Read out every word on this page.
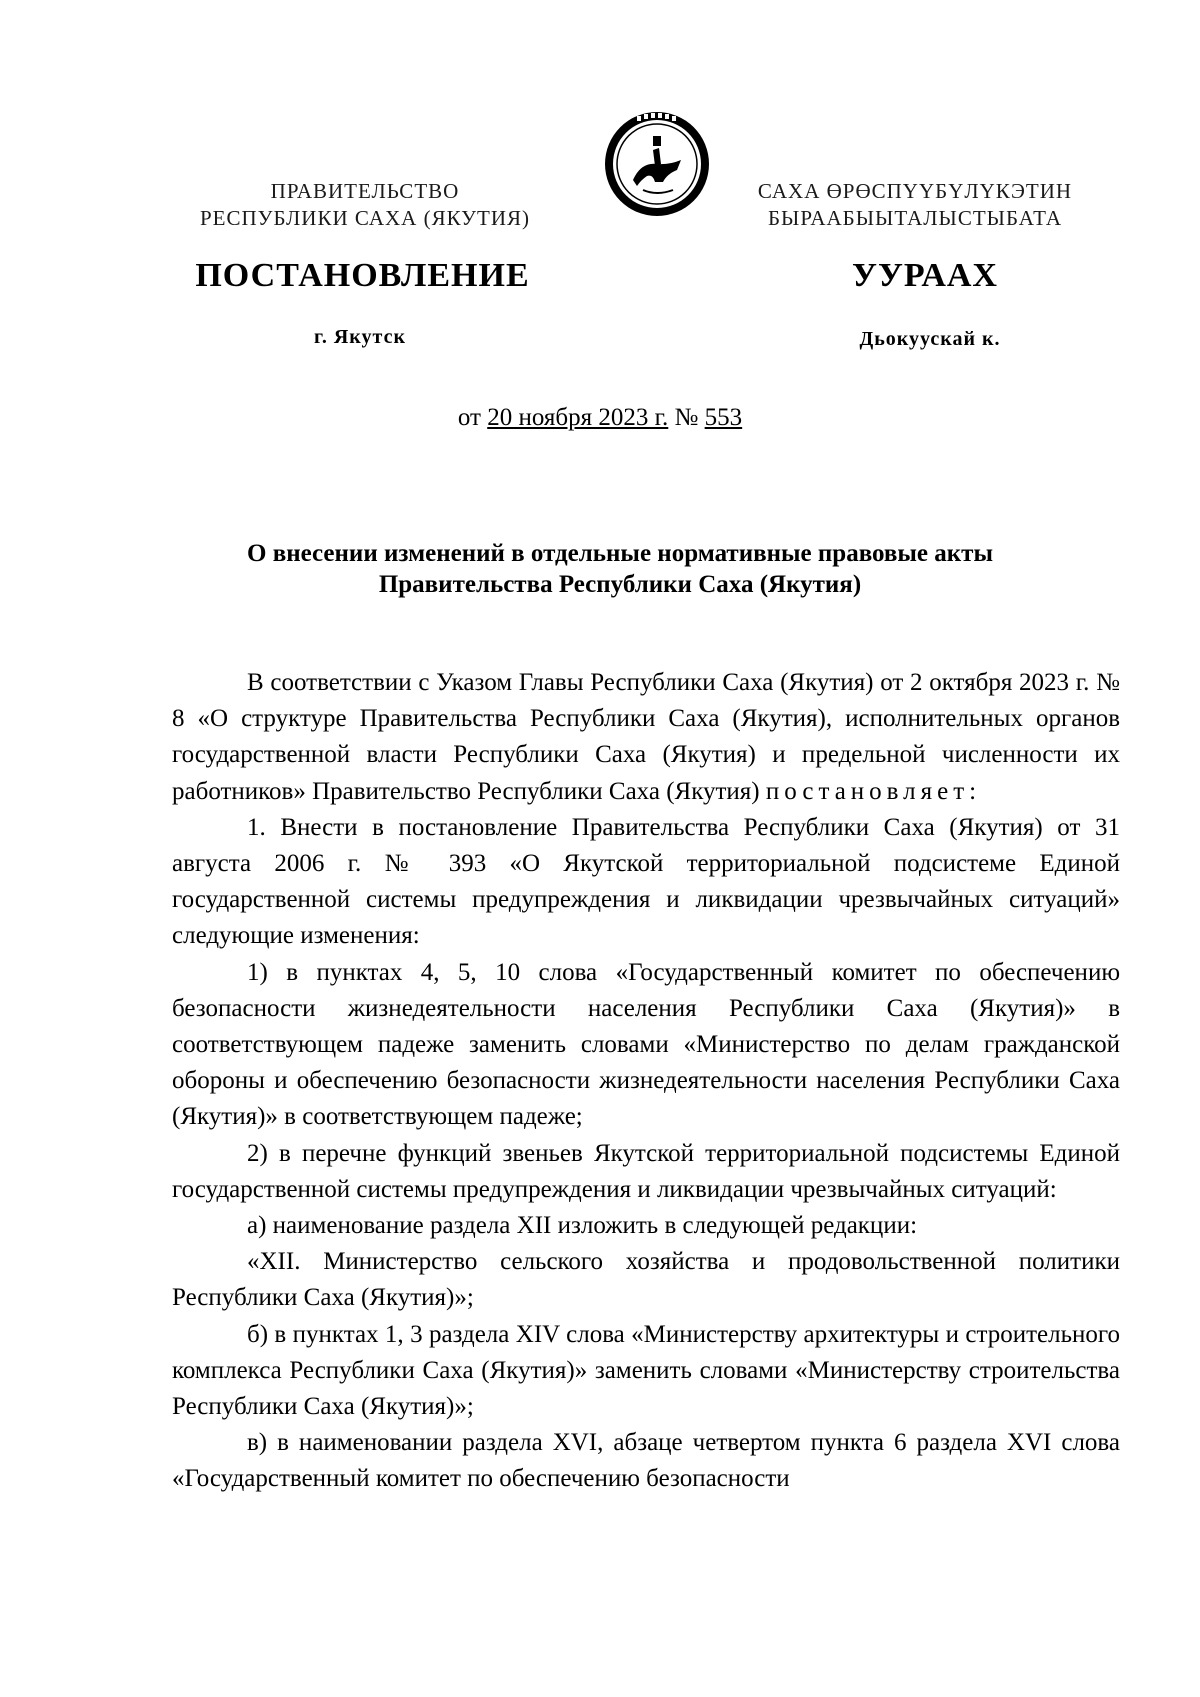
ПРАВИТЕЛЬСТВО
РЕСПУБЛИКИ САХА (ЯКУТИЯ)
САХА ӨРӨСПҮҮБҮЛҮКЭТИН
БЫРААБЫЫТАЛЫСТЫБАТА
ПОСТАНОВЛЕНИЕ	УУРААХ
г. Якутск	Дьокуускай к.
от 20 ноября 2023 г. № 553
О внесении изменений в отдельные нормативные правовые акты
Правительства Республики Саха (Якутия)

В соответствии с Указом Главы Республики Саха (Якутия) от 2 октября 2023 г. № 8 «О структуре Правительства Республики Саха (Якутия), исполнительных органов государственной власти Республики Саха (Якутия) и предельной численности их работников» Правительство Республики Саха (Якутия) постановляет:

1. Внести в постановление Правительства Республики Саха (Якутия) от 31 августа 2006 г. № 393 «О Якутской территориальной подсистеме Единой государственной системы предупреждения и ликвидации чрезвычайных ситуаций» следующие изменения:

1) в пунктах 4, 5, 10 слова «Государственный комитет по обеспечению безопасности жизнедеятельности населения Республики Саха (Якутия)» в соответствующем падеже заменить словами «Министерство по делам гражданской обороны и обеспечению безопасности жизнедеятельности населения Республики Саха (Якутия)» в соответствующем падеже;

2) в перечне функций звеньев Якутской территориальной подсистемы Единой государственной системы предупреждения и ликвидации чрезвычайных ситуаций:

а) наименование раздела XII изложить в следующей редакции:

«XII. Министерство сельского хозяйства и продовольственной политики Республики Саха (Якутия)»;

б) в пунктах 1, 3 раздела XIV слова «Министерству архитектуры и строительного комплекса Республики Саха (Якутия)» заменить словами «Министерству строительства Республики Саха (Якутия)»;

в) в наименовании раздела XVI, абзаце четвертом пункта 6 раздела XVI слова «Государственный комитет по обеспечению безопасности
